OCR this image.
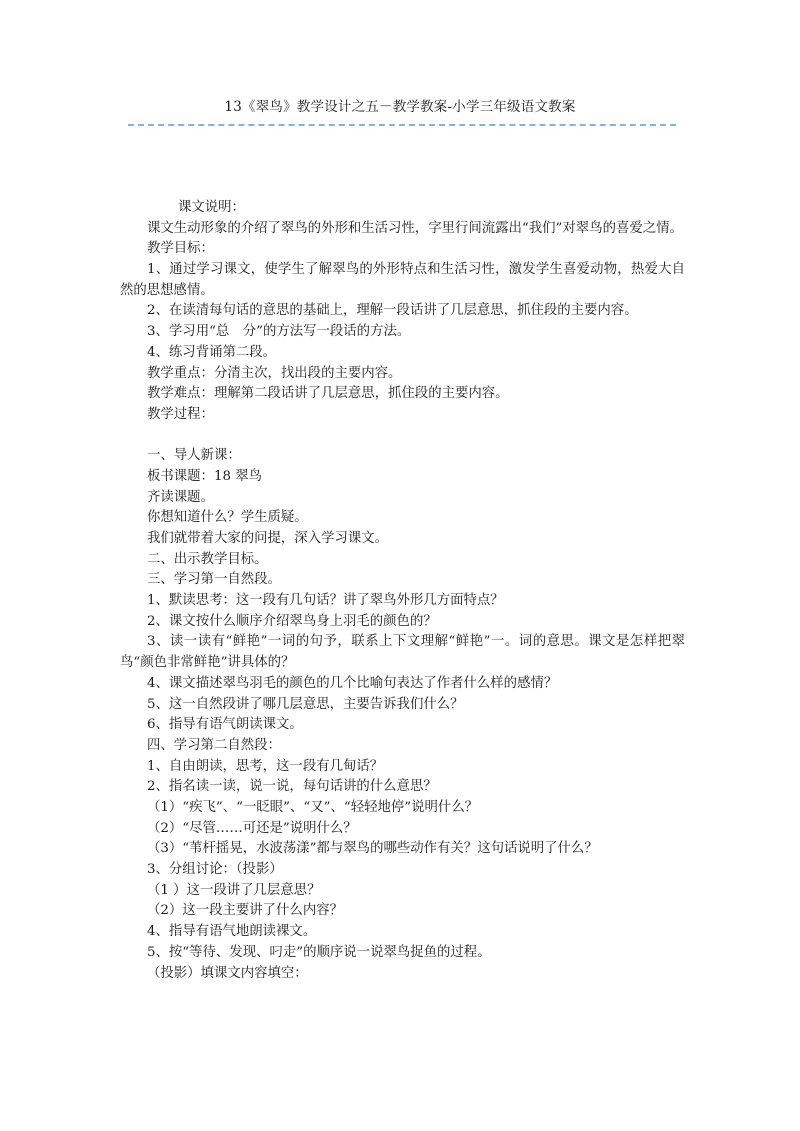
13《翠鸟》教学设计之五－教学教案-小学三年级语文教案
课文说明：
课文生动形象的介绍了翠鸟的外形和生活习性，字里行间流露出“我们”对翠鸟的喜爱之情。
教学目标：
1、通过学习课文，使学生了解翠鸟的外形特点和生活习性，激发学生喜爱动物，热爱大自然的思想感情。
2、在读清每句话的意思的基础上，理解一段话讲了几层意思，抓住段的主要内容。
3、学习用“总　分”的方法写一段话的方法。
4、练习背诵第二段。
教学重点：分清主次，找出段的主要内容。
教学难点：理解第二段话讲了几层意思，抓住段的主要内容。
教学过程：
一、导人新课：
板书课题：18 翠鸟
齐读课题。
你想知道什么？学生质疑。
我们就带着大家的问提，深入学习课文。
二、出示教学目标。
三、学习第一自然段。
1、默读思考：这一段有几句话？讲了翠鸟外形几方面特点？
2、课文按什么顺序介绍翠鸟身上羽毛的颜色的？
3、读一读有“鲜艳”一词的句予，联系上下文理解“鲜艳”一。词的意思。课文是怎样把翠鸟“颜色非常鲜艳”讲具体的？
4、课文描述翠鸟羽毛的颜色的几个比喻句表达了作者什么样的感情？
5、这一自然段讲了哪几层意思，主要告诉我们什么？
6、指导有语气朗读课文。
四、学习第二自然段：
1、自由朗读，思考，这一段有几甸话？
2、指名读一读，说一说，每句话讲的什么意思？
（1）“疾飞”、“一眨眼”、“又”、“轻轻地停”说明什么？
（2）“尽管……可还是”说明什么？
（3）“苇杆摇晃，水波荡漾”都与翠鸟的哪些动作有关？这句话说明了什么？
3、分组讨论：（投影）
（1 ）这一段讲了几层意思？
（2）这一段主要讲了什么内容？
4、指导有语气地朗读裸文。
5、按“等待、发现、叼走”的顺序说一说翠鸟捉鱼的过程。
（投影）填课文内容填空：
